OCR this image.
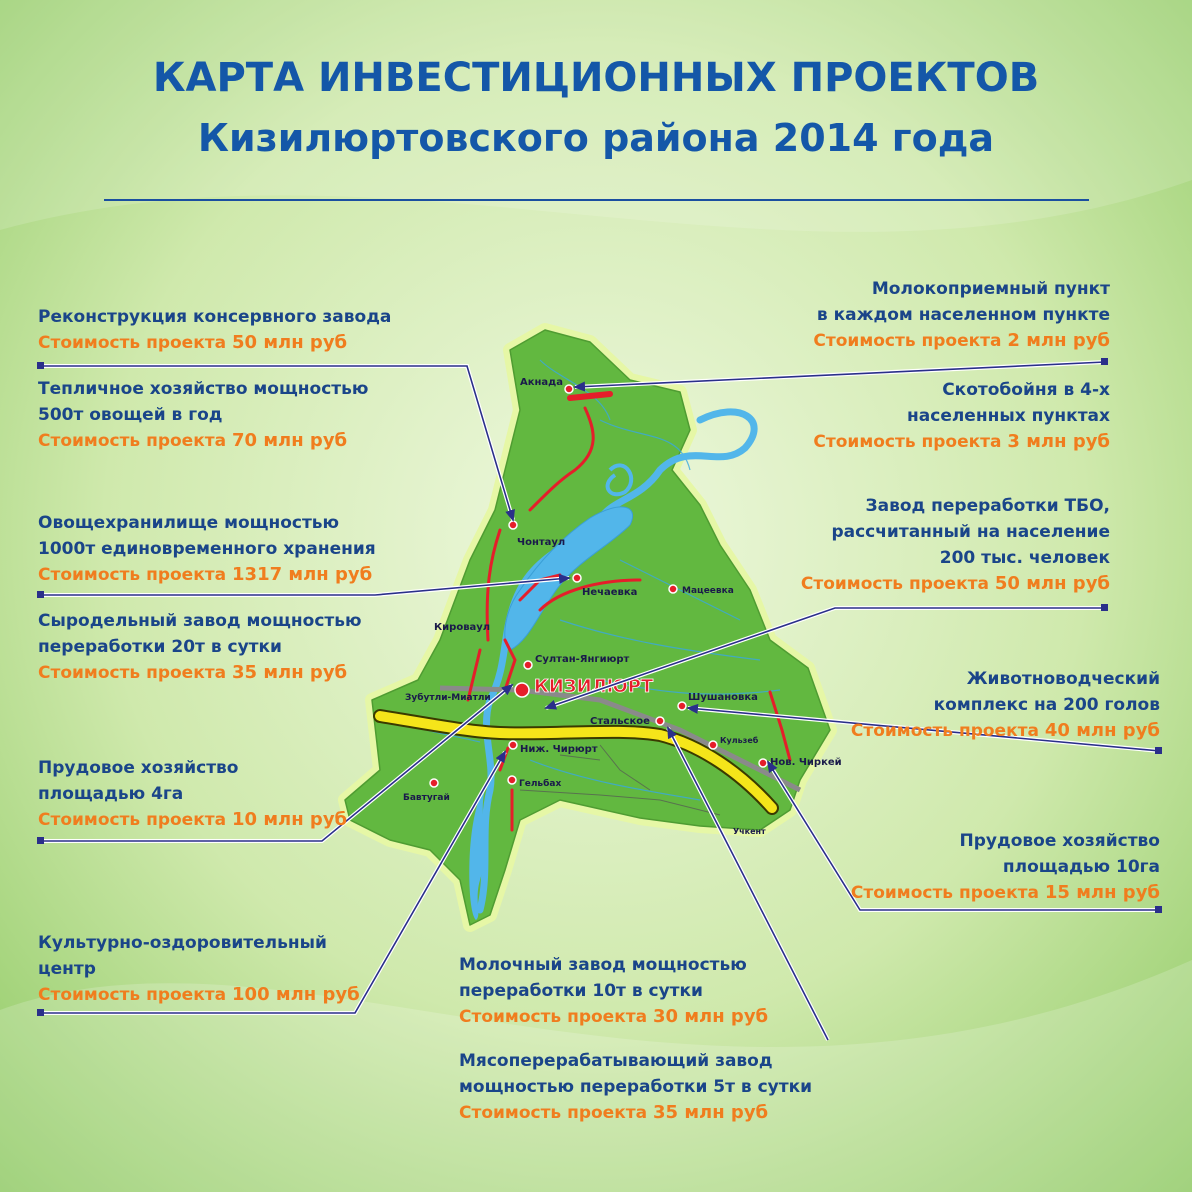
КАРТА ИНВЕСТИЦИОННЫХ ПРОЕКТОВ
Кизилюртовского района 2014 года
Акнада
Чонтаул
Нечаевка	Мацеевка
Кироваул
Султан-Янгиюрт
Зубутли-Миатли	Шушановка
Стальское
Кульзеб
Нов. Чиркей
Ниж. Чирюрт
Гельбах
Бавтугай
Учкент
КИЗИЛЮРТ
Реконструкция консервного завода
Стоимость проекта 50 млн руб
Тепличное хозяйство мощностью
500т овощей в год
Стоимость проекта 70 млн руб
Овощехранилище мощностью
1000т единовременного хранения
Стоимость проекта 1317 млн руб
Сыродельный завод мощностью
переработки 20т в сутки
Стоимость проекта 35 млн руб
Прудовое хозяйство
площадью 4га
Стоимость проекта 10 млн руб
Культурно-оздоровительный
центр
Стоимость проекта 100 млн руб
Молокоприемный пункт
в каждом населенном пункте
Стоимость проекта 2 млн руб
Скотобойня в 4-х
населенных пунктах
Стоимость проекта 3 млн руб
Завод переработки ТБО,
рассчитанный на население
200 тыс. человек
Стоимость проекта 50 млн руб
Животноводческий
комплекс на 200 голов
Стоимость проекта 40 млн руб
Прудовое хозяйство
площадью 10га
Стоимость проекта 15 млн руб
Молочный завод мощностью
переработки 10т в сутки
Стоимость проекта 30 млн руб
Мясоперерабатывающий завод
мощностью переработки 5т в сутки
Стоимость проекта 35 млн руб
